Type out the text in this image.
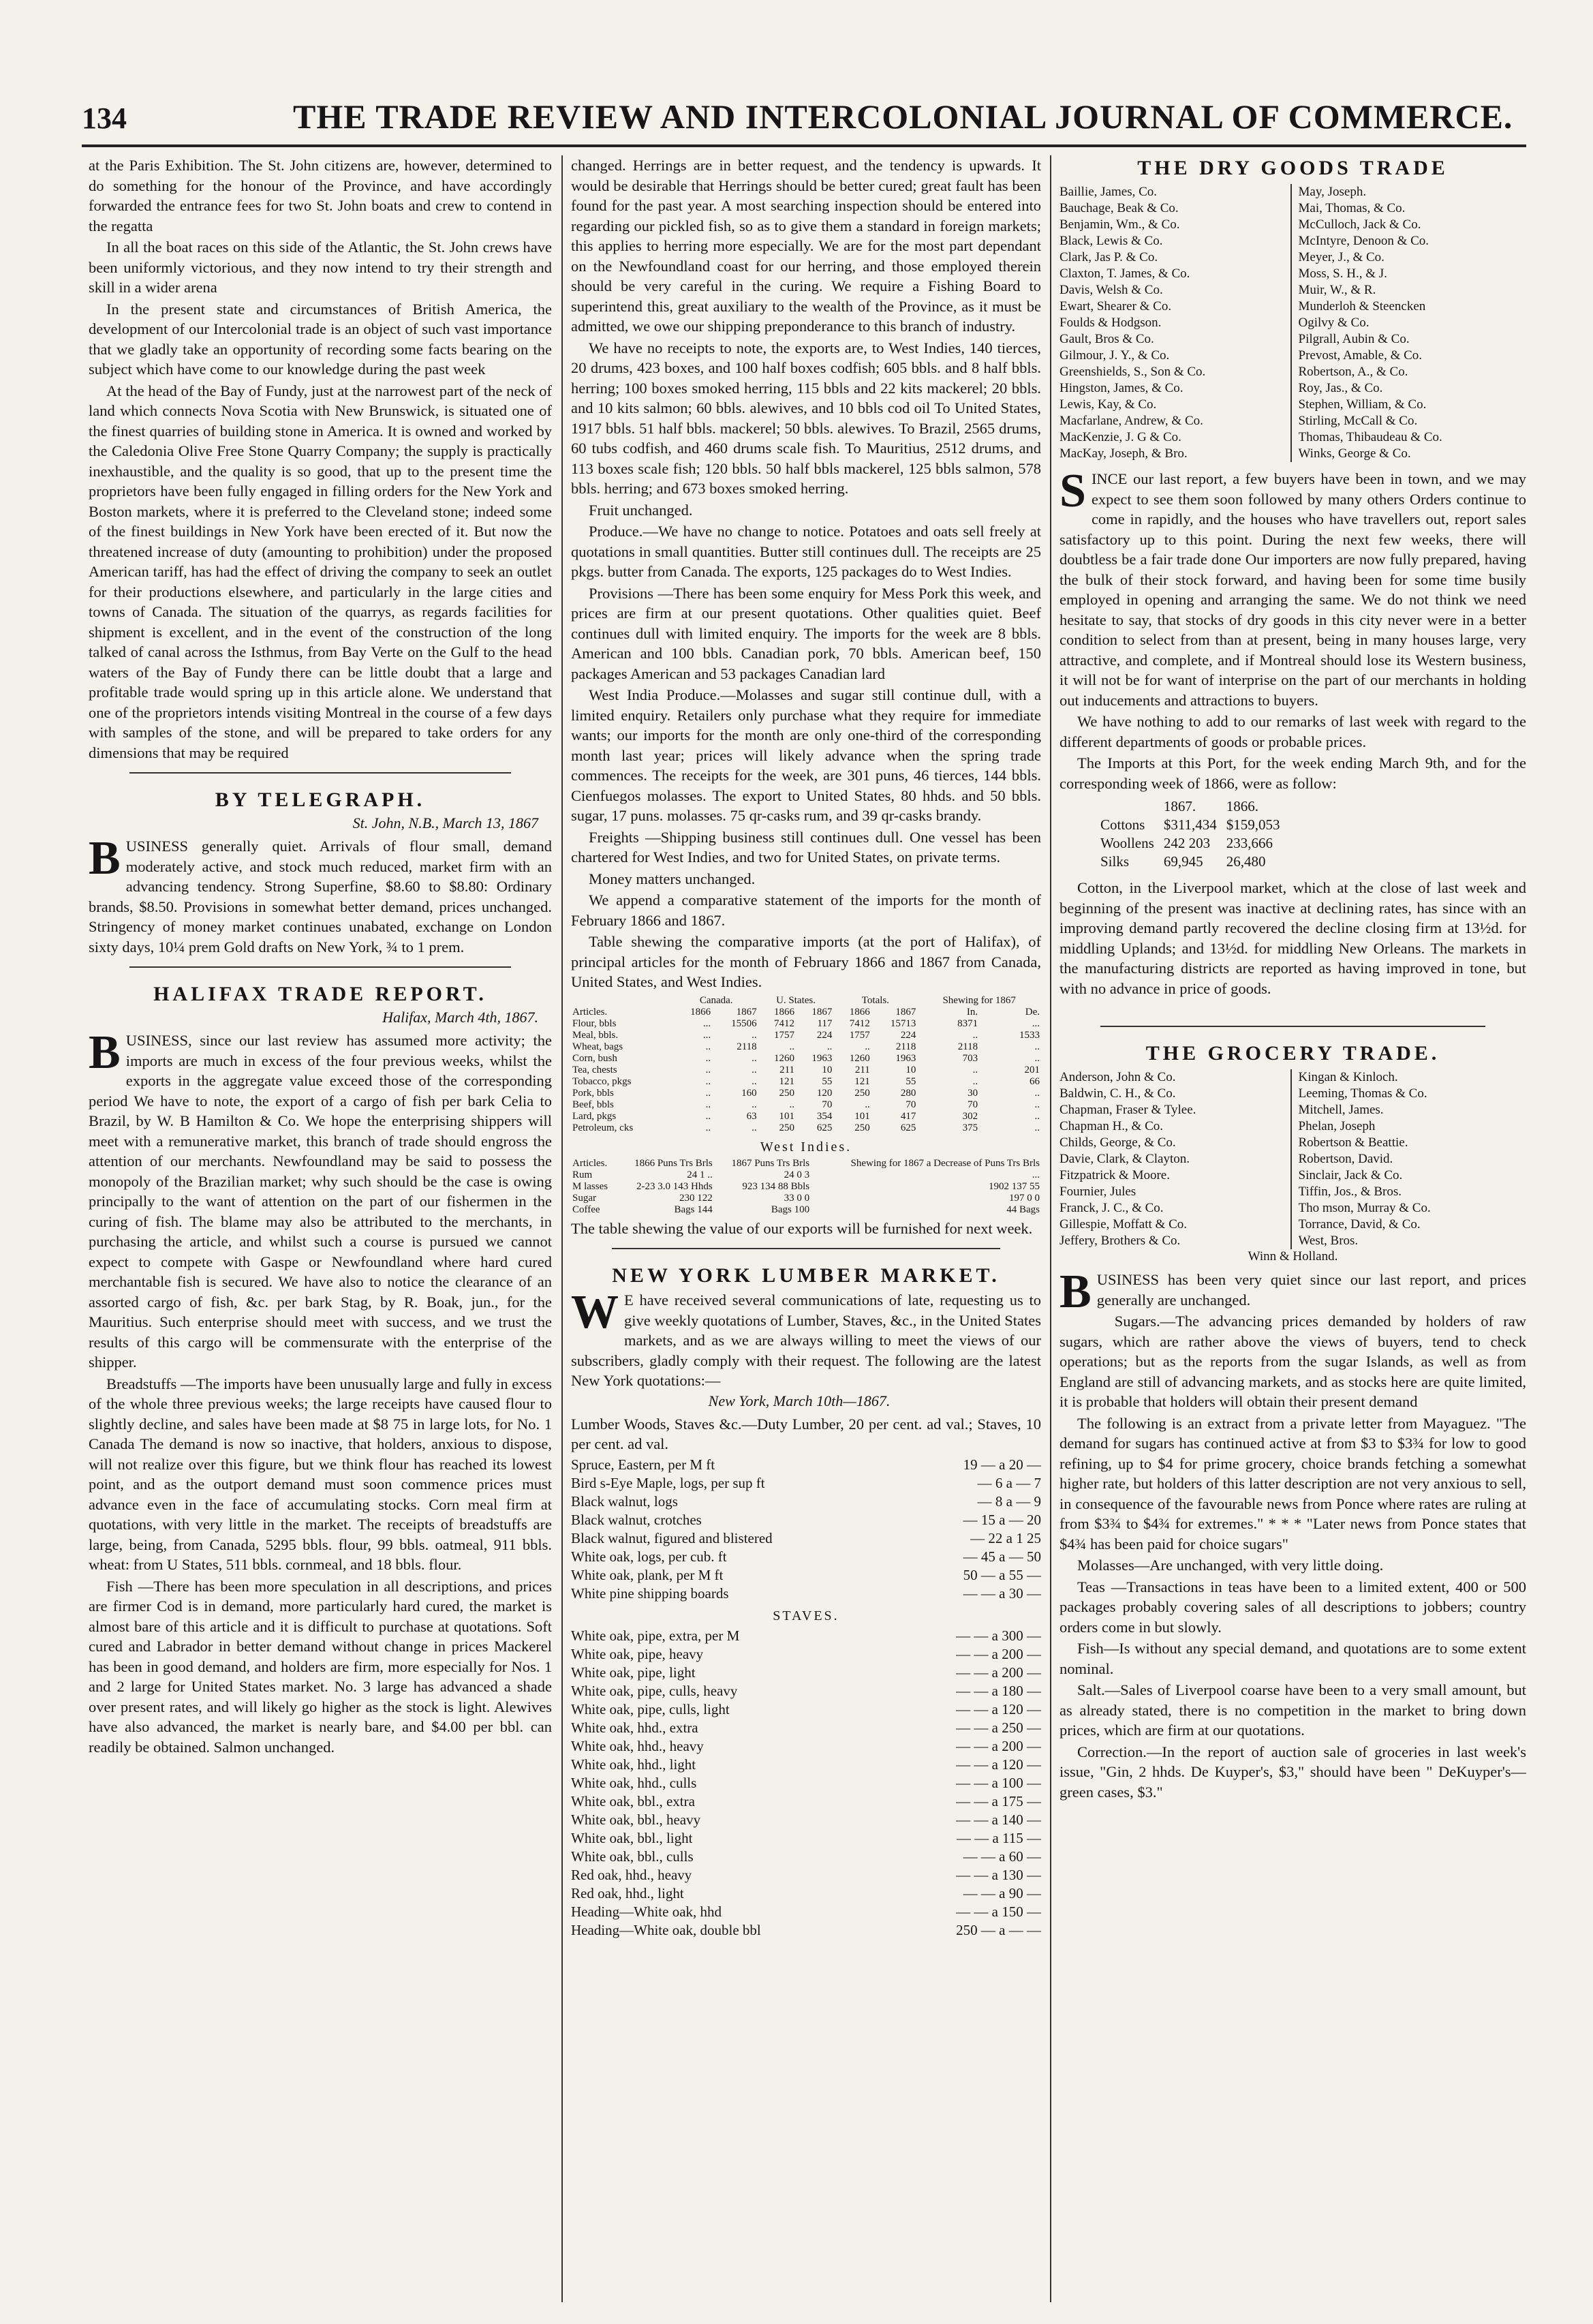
134	THE TRADE REVIEW AND INTERCOLONIAL JOURNAL OF COMMERCE.

at the Paris Exhibition. The St. John citizens are, however, determined to do something for the honour of the Province, and have accordingly forwarded the entrance fees for two St. John boats and crew to contend in the regatta

In all the boat races on this side of the Atlantic, the St. John crews have been uniformly victorious, and they now intend to try their strength and skill in a wider arena

In the present state and circumstances of British America, the development of our Intercolonial trade is an object of such vast importance that we gladly take an opportunity of recording some facts bearing on the subject which have come to our knowledge during the past week

At the head of the Bay of Fundy, just at the narrowest part of the neck of land which connects Nova Scotia with New Brunswick, is situated one of the finest quarries of building stone in America. It is owned and worked by the Caledonia Olive Free Stone Quarry Company; the supply is practically inexhaustible, and the quality is so good, that up to the present time the proprietors have been fully engaged in filling orders for the New York and Boston markets, where it is preferred to the Cleveland stone; indeed some of the finest buildings in New York have been erected of it. But now the threatened increase of duty (amounting to prohibition) under the proposed American tariff, has had the effect of driving the company to seek an outlet for their productions elsewhere, and particularly in the large cities and towns of Canada. The situation of the quarrys, as regards facilities for shipment is excellent, and in the event of the construction of the long talked of canal across the Isthmus, from Bay Verte on the Gulf to the head waters of the Bay of Fundy there can be little doubt that a large and profitable trade would spring up in this article alone. We understand that one of the proprietors intends visiting Montreal in the course of a few days with samples of the stone, and will be prepared to take orders for any dimensions that may be required

BY TELEGRAPH.
St. John, N.B., March 13, 1867

BUSINESS generally quiet. Arrivals of flour small, demand moderately active, and stock much reduced, market firm with an advancing tendency. Strong Superfine, $8.60 to $8.80: Ordinary brands, $8.50. Provisions in somewhat better demand, prices unchanged. Stringency of money market continues unabated, exchange on London sixty days, 10¼ prem Gold drafts on New York, ¾ to 1 prem.

HALIFAX TRADE REPORT.
Halifax, March 4th, 1867.

BUSINESS, since our last review has assumed more activity; the imports are much in excess of the four previous weeks, whilst the exports in the aggregate value exceed those of the corresponding period We have to note, the export of a cargo of fish per bark Celia to Brazil, by W. B Hamilton & Co. We hope the enterprising shippers will meet with a remunerative market, this branch of trade should engross the attention of our merchants. Newfoundland may be said to possess the monopoly of the Brazilian market; why such should be the case is owing principally to the want of attention on the part of our fishermen in the curing of fish. The blame may also be attributed to the merchants, in purchasing the article, and whilst such a course is pursued we cannot expect to compete with Gaspe or Newfoundland where hard cured merchantable fish is secured. We have also to notice the clearance of an assorted cargo of fish, &c. per bark Stag, by R. Boak, jun., for the Mauritius. Such enterprise should meet with success, and we trust the results of this cargo will be commensurate with the enterprise of the shipper.

Breadstuffs —The imports have been unusually large and fully in excess of the whole three previous weeks; the large receipts have caused flour to slightly decline, and sales have been made at $8 75 in large lots, for No. 1 Canada The demand is now so inactive, that holders, anxious to dispose, will not realize over this figure, but we think flour has reached its lowest point, and as the outport demand must soon commence prices must advance even in the face of accumulating stocks. Corn meal firm at quotations, with very little in the market. The receipts of breadstuffs are large, being, from Canada, 5295 bbls. flour, 99 bbls. oatmeal, 911 bbls. wheat: from U States, 511 bbls. cornmeal, and 18 bbls. flour.

Fish —There has been more speculation in all descriptions, and prices are firmer Cod is in demand, more particularly hard cured, the market is almost bare of this article and it is difficult to purchase at quotations. Soft cured and Labrador in better demand without change in prices Mackerel has been in good demand, and holders are firm, more especially for Nos. 1 and 2 large for United States market. No. 3 large has advanced a shade over present rates, and will likely go higher as the stock is light. Alewives have also advanced, the market is nearly bare, and $4.00 per bbl. can readily be obtained. Salmon unchanged.

changed. Herrings are in better request, and the tendency is upwards. It would be desirable that Herrings should be better cured; great fault has been found for the past year. A most searching inspection should be entered into regarding our pickled fish, so as to give them a standard in foreign markets; this applies to herring more especially. We are for the most part dependant on the Newfoundland coast for our herring, and those employed therein should be very careful in the curing. We require a Fishing Board to superintend this, great auxiliary to the wealth of the Province, as it must be admitted, we owe our shipping preponderance to this branch of industry.

We have no receipts to note, the exports are, to West Indies, 140 tierces, 20 drums, 423 boxes, and 100 half boxes codfish; 605 bbls. and 8 half bbls. herring; 100 boxes smoked herring, 115 bbls and 22 kits mackerel; 20 bbls. and 10 kits salmon; 60 bbls. alewives, and 10 bbls cod oil To United States, 1917 bbls. 51 half bbls. mackerel; 50 bbls. alewives. To Brazil, 2565 drums, 60 tubs codfish, and 460 drums scale fish. To Mauritius, 2512 drums, and 113 boxes scale fish; 120 bbls. 50 half bbls mackerel, 125 bbls salmon, 578 bbls. herring; and 673 boxes smoked herring.

Fruit unchanged.

Produce.—We have no change to notice. Potatoes and oats sell freely at quotations in small quantities. Butter still continues dull. The receipts are 25 pkgs. butter from Canada. The exports, 125 packages do to West Indies.

Provisions —There has been some enquiry for Mess Pork this week, and prices are firm at our present quotations. Other qualities quiet. Beef continues dull with limited enquiry. The imports for the week are 8 bbls. American and 100 bbls. Canadian pork, 70 bbls. American beef, 150 packages American and 53 packages Canadian lard

West India Produce.—Molasses and sugar still continue dull, with a limited enquiry. Retailers only purchase what they require for immediate wants; our imports for the month are only one-third of the corresponding month last year; prices will likely advance when the spring trade commences. The receipts for the week, are 301 puns, 46 tierces, 144 bbls. Cienfuegos molasses. The export to United States, 80 hhds. and 50 bbls. sugar, 17 puns. molasses. 75 qr-casks rum, and 39 qr-casks brandy.

Freights —Shipping business still continues dull. One vessel has been chartered for West Indies, and two for United States, on private terms.

Money matters unchanged.

We append a comparative statement of the imports for the month of February 1866 and 1867.

Table shewing the comparative imports (at the port of Halifax), of principal articles for the month of February 1866 and 1867 from Canada, United States, and West Indies.

	Canada.		U. States.		Totals.		Shewing for 1867	
Articles.	1866	1867	1866	1867	1866	1867	In.	De.
Flour, bbls	...	15506	7412	117	7412	15713	8371	...
Meal, bbls.	...	..	1757	224	1757	224	..	1533
Wheat, bags	..	2118	..	..	..	2118	2118	..
Corn, bush	..	..	1260	1963	1260	1963	703	..
Tea, chests	..	..	211	10	211	10	..	201
Tobacco, pkgs	..	..	121	55	121	55	..	66
Pork, bbls	..	160	250	120	250	280	30	..
Beef, bbls	..	..	..	70	..	70	70	..
Lard, pkgs	..	63	101	354	101	417	302	..
Petroleum, cks	..	..	250	625	250	625	375	..
West Indies.
Articles.	1866 Puns Trs Brls	1867 Puns Trs Brls	Shewing for 1867 a Decrease of Puns Trs Brls
Rum	24 1 ..	24 0 3	...
M lasses	2-23 3.0 143 Hhds	923 134 88 Bbls	1902 137 55
Sugar	230 122	33 0 0	197 0 0
Coffee	Bags 144	Bags 100	44 Bags

The table shewing the value of our exports will be furnished for next week.

NEW YORK LUMBER MARKET.

W E have received several communications of late, requesting us to give weekly quotations of Lumber, Staves, &c., in the United States markets, and as we are always willing to meet the views of our subscribers, gladly comply with their request. The following are the latest New York quotations:—

New York, March 10th—1867.

Lumber Woods, Staves &c.—Duty Lumber, 20 per cent. ad val.; Staves, 10 per cent. ad val.

Spruce, Eastern, per M ft	19 — a 20 —
Bird s-Eye Maple, logs, per sup ft	— 6 a — 7
Black walnut, logs	— 8 a — 9
Black walnut, crotches	— 15 a — 20
Black walnut, figured and blistered	— 22 a 1 25
White oak, logs, per cub. ft	— 45 a — 50
White oak, plank, per M ft	50 — a 55 —
White pine shipping boards	— — a 30 —
STAVES.
White oak, pipe, extra, per M	— — a 300 —
White oak, pipe, heavy	— — a 200 —
White oak, pipe, light	— — a 200 —
White oak, pipe, culls, heavy	— — a 180 —
White oak, pipe, culls, light	— — a 120 —
White oak, hhd., extra	— — a 250 —
White oak, hhd., heavy	— — a 200 —
White oak, hhd., light	— — a 120 —
White oak, hhd., culls	— — a 100 —
White oak, bbl., extra	— — a 175 —
White oak, bbl., heavy	— — a 140 —
White oak, bbl., light	— — a 115 —
White oak, bbl., culls	— — a 60 —
Red oak, hhd., heavy	— — a 130 —
Red oak, hhd., light	— — a 90 —
Heading—White oak, hhd	— — a 150 —
Heading—White oak, double bbl	250 — a — —
THE DRY GOODS TRADE
Baillie, James, Co.
Bauchage, Beak & Co.
Benjamin, Wm., & Co.
Black, Lewis & Co.
Clark, Jas P. & Co.
Claxton, T. James, & Co.
Davis, Welsh & Co.
Ewart, Shearer & Co.
Foulds & Hodgson.
Gault, Bros & Co.
Gilmour, J. Y., & Co.
Greenshields, S., Son & Co.
Hingston, James, & Co.
Lewis, Kay, & Co.
Macfarlane, Andrew, & Co.
MacKenzie, J. G & Co.
MacKay, Joseph, & Bro.
May, Joseph.
Mai, Thomas, & Co.
McCulloch, Jack & Co.
McIntyre, Denoon & Co.
Meyer, J., & Co.
Moss, S. H., & J.
Muir, W., & R.
Munderloh & Steencken
Ogilvy & Co.
Pilgrall, Aubin & Co.
Prevost, Amable, & Co.
Robertson, A., & Co.
Roy, Jas., & Co.
Stephen, William, & Co.
Stirling, McCall & Co.
Thomas, Thibaudeau & Co.
Winks, George & Co.

SINCE our last report, a few buyers have been in town, and we may expect to see them soon followed by many others Orders continue to come in rapidly, and the houses who have travellers out, report sales satisfactory up to this point. During the next few weeks, there will doubtless be a fair trade done Our importers are now fully prepared, having the bulk of their stock forward, and having been for some time busily employed in opening and arranging the same. We do not think we need hesitate to say, that stocks of dry goods in this city never were in a better condition to select from than at present, being in many houses large, very attractive, and complete, and if Montreal should lose its Western business, it will not be for want of interprise on the part of our merchants in holding out inducements and attractions to buyers.

We have nothing to add to our remarks of last week with regard to the different departments of goods or probable prices.

The Imports at this Port, for the week ending March 9th, and for the corresponding week of 1866, were as follow:

	1867.	1866.
Cottons	$311,434	$159,053
Woollens	242 203	233,666
Silks	69,945	26,480

Cotton, in the Liverpool market, which at the close of last week and beginning of the present was inactive at declining rates, has since with an improving demand partly recovered the decline closing firm at 13½d. for middling Uplands; and 13½d. for middling New Orleans. The markets in the manufacturing districts are reported as having improved in tone, but with no advance in price of goods.

THE GROCERY TRADE.
Anderson, John & Co.
Baldwin, C. H., & Co.
Chapman, Fraser & Tylee.
Chapman H., & Co.
Childs, George, & Co.
Davie, Clark, & Clayton.
Fitzpatrick & Moore.
Fournier, Jules
Franck, J. C., & Co.
Gillespie, Moffatt & Co.
Jeffery, Brothers & Co.
Kingan & Kinloch.
Leeming, Thomas & Co.
Mitchell, James.
Phelan, Joseph
Robertson & Beattie.
Robertson, David.
Sinclair, Jack & Co.
Tiffin, Jos., & Bros.
Tho mson, Murray & Co.
Torrance, David, & Co.
West, Bros.
Winn & Holland.

BUSINESS has been very quiet since our last report, and prices generally are unchanged.

Sugars.—The advancing prices demanded by holders of raw sugars, which are rather above the views of buyers, tend to check operations; but as the reports from the sugar Islands, as well as from England are still of advancing markets, and as stocks here are quite limited, it is probable that holders will obtain their present demand

The following is an extract from a private letter from Mayaguez. "The demand for sugars has continued active at from $3 to $3¾ for low to good refining, up to $4 for prime grocery, choice brands fetching a somewhat higher rate, but holders of this latter description are not very anxious to sell, in consequence of the favourable news from Ponce where rates are ruling at from $3¾ to $4¾ for extremes." * * * "Later news from Ponce states that $4¾ has been paid for choice sugars"

Molasses—Are unchanged, with very little doing.

Teas —Transactions in teas have been to a limited extent, 400 or 500 packages probably covering sales of all descriptions to jobbers; country orders come in but slowly.

Fish—Is without any special demand, and quotations are to some extent nominal.

Salt.—Sales of Liverpool coarse have been to a very small amount, but as already stated, there is no competition in the market to bring down prices, which are firm at our quotations.

Correction.—In the report of auction sale of groceries in last week's issue, "Gin, 2 hhds. De Kuyper's, $3," should have been " DeKuyper's—green cases, $3."
